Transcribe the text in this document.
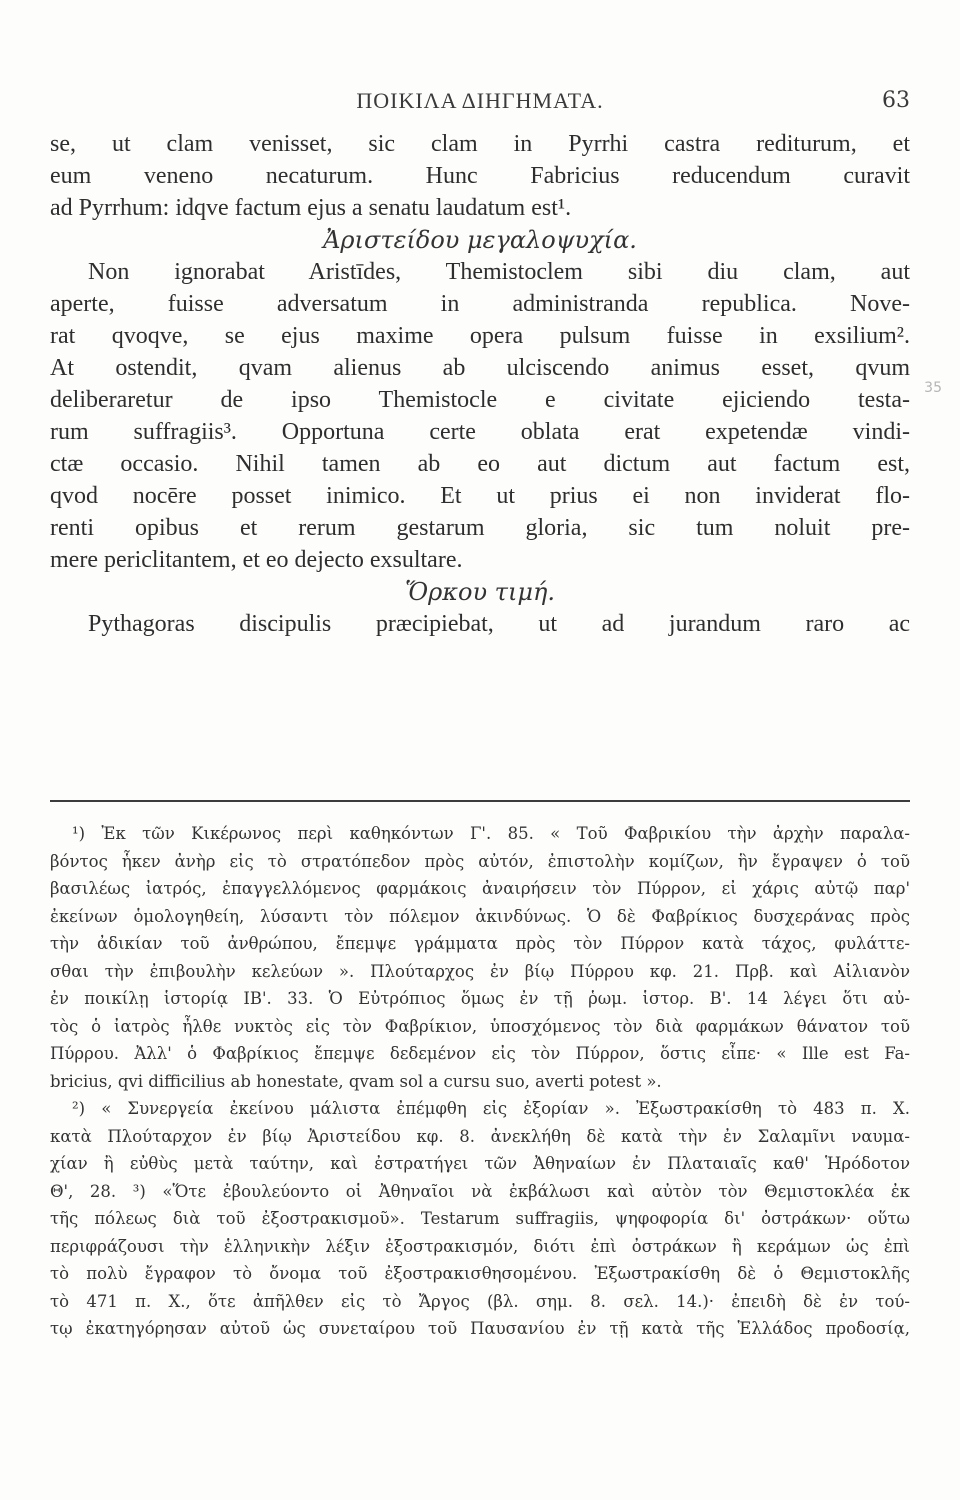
ΠΟΙΚΙΛΑ ΔΙΗΓΗΜΑΤΑ.	63
se, ut clam venisset, sic clam in Pyrrhi castra rediturum, et
eum veneno necaturum. Hunc Fabricius reducendum curavit
ad Pyrrhum: idqve factum ejus a senatu laudatum est¹.
Ἀριστείδου μεγαλοψυχία.
Non ignorabat Aristīdes, Themistoclem sibi diu clam, aut
aperte, fuisse adversatum in administranda republica. Nove-
rat qvoqve, se ejus maxime opera pulsum fuisse in exsilium².
At ostendit, qvam alienus ab ulciscendo animus esset, qvum
deliberaretur de ipso Themistocle e civitate ejiciendo testa-
rum suffragiis³. Opportuna certe oblata erat expetendæ vindi-
ctæ occasio. Nihil tamen ab eo aut dictum aut factum est,
qvod nocēre posset inimico. Et ut prius ei non inviderat flo-
renti opibus et rerum gestarum gloria, sic tum noluit pre-
mere periclitantem, et eo dejecto exsultare.
Ὅρκου τιμή.
Pythagoras discipulis præcipiebat, ut ad jurandum raro ac
¹) Ἐκ τῶν Κικέρωνος περὶ καθηκόντων Γ'. 85. « Τοῦ Φαβρικίου τὴν ἀρχὴν παραλα-
βόντος ἧκεν ἀνὴρ εἰς τὸ στρατόπεδον πρὸς αὐτόν, ἐπιστολὴν κομίζων, ἣν ἔγραψεν ὁ τοῦ
βασιλέως ἰατρός, ἐπαγγελλόμενος φαρμάκοις ἀναιρήσειν τὸν Πύρρον, εἰ χάρις αὐτῷ παρ'
ἐκείνων ὁμολογηθείη, λύσαντι τὸν πόλεμον ἀκινδύνως. Ὁ δὲ Φαβρίκιος δυσχεράνας πρὸς
τὴν ἀδικίαν τοῦ ἀνθρώπου, ἔπεμψε γράμματα πρὸς τὸν Πύρρον κατὰ τάχος, φυλάττε-
σθαι τὴν ἐπιβουλὴν κελεύων ». Πλούταρχος ἐν βίῳ Πύρρου κφ. 21. Πρβ. καὶ Αἰλιανὸν
ἐν ποικίλῃ ἱστορίᾳ ΙΒ'. 33. Ὁ Εὐτρόπιος ὅμως ἐν τῇ ῥωμ. ἱστορ. Β'. 14 λέγει ὅτι αὐ-
τὸς ὁ ἰατρὸς ἦλθε νυκτὸς εἰς τὸν Φαβρίκιον, ὑποσχόμενος τὸν διὰ φαρμάκων θάνατον τοῦ
Πύρρου. Ἀλλ' ὁ Φαβρίκιος ἔπεμψε δεδεμένον εἰς τὸν Πύρρον, ὅστις εἶπε· « Ille est Fa-
bricius, qvi difficilius ab honestate, qvam sol a cursu suo, averti potest ».
²) « Συνεργεία ἐκείνου μάλιστα ἐπέμφθη εἰς ἐξορίαν ». Ἐξωστρακίσθη τὸ 483 π. Χ.
κατὰ Πλούταρχον ἐν βίῳ Ἀριστείδου κφ. 8. ἀνεκλήθη δὲ κατὰ τὴν ἐν Σαλαμῖνι ναυμα-
χίαν ἢ εὐθὺς μετὰ ταύτην, καὶ ἐστρατήγει τῶν Ἀθηναίων ἐν Πλαταιαῖς καθ' Ἡρόδοτον
Θ', 28. ³) «Ὅτε ἐβουλεύοντο οἱ Ἀθηναῖοι νὰ ἐκβάλωσι καὶ αὐτὸν τὸν Θεμιστοκλέα ἐκ
τῆς πόλεως διὰ τοῦ ἐξοστρακισμοῦ». Testarum suffragiis, ψηφοφορία δι' ὀστράκων· οὕτω
περιφράζουσι τὴν ἑλληνικὴν λέξιν ἐξοστρακισμόν, διότι ἐπὶ ὀστράκων ἢ κεράμων ὡς ἐπὶ
τὸ πολὺ ἔγραφον τὸ ὄνομα τοῦ ἐξοστρακισθησομένου. Ἐξωστρακίσθη δὲ ὁ Θεμιστοκλῆς
τὸ 471 π. Χ., ὅτε ἀπῆλθεν εἰς τὸ Ἄργος (βλ. σημ. 8. σελ. 14.)· ἐπειδὴ δὲ ἐν τού-
τῳ ἐκατηγόρησαν αὐτοῦ ὡς συνεταίρου τοῦ Παυσανίου ἐν τῇ κατὰ τῆς Ἑλλάδος προδοσίᾳ,
35
